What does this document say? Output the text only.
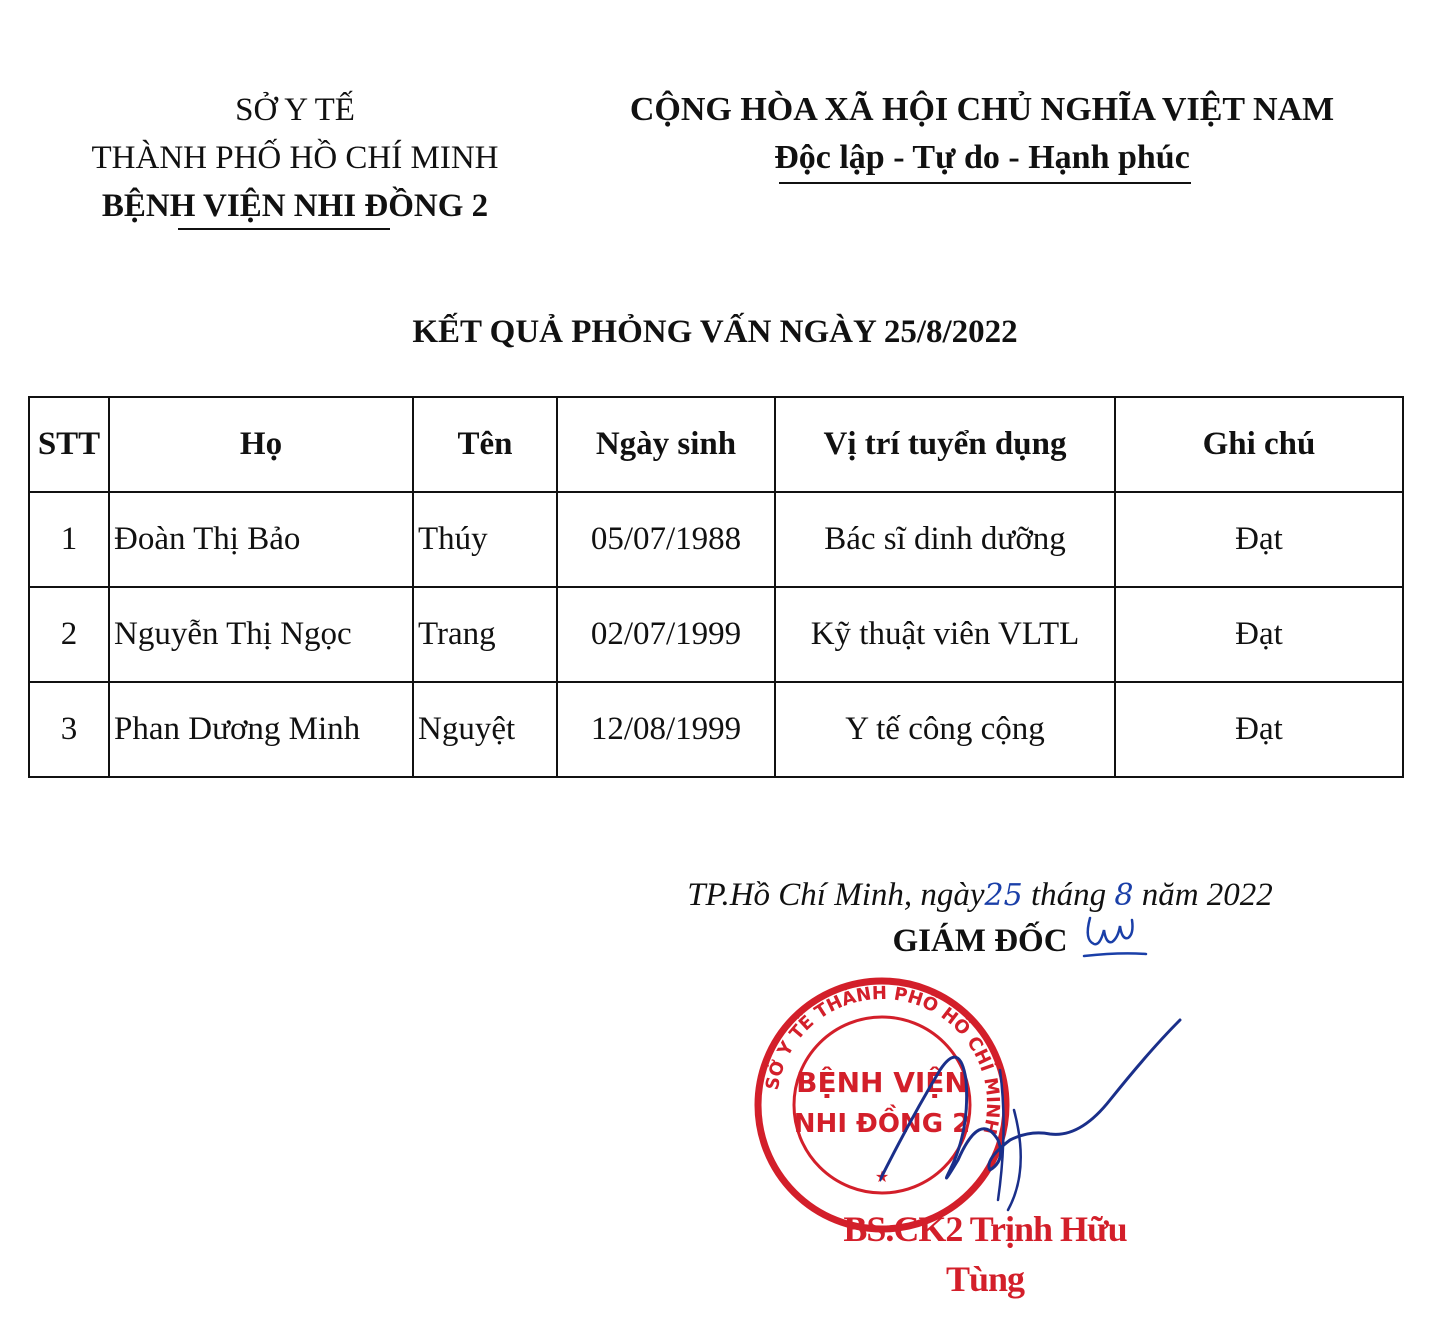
SỞ Y TẾ
THÀNH PHỐ HỒ CHÍ MINH
BỆNH VIỆN NHI ĐỒNG 2
CỘNG HÒA XÃ HỘI CHỦ NGHĨA VIỆT NAM
Độc lập - Tự do - Hạnh phúc
KẾT QUẢ PHỎNG VẤN NGÀY 25/8/2022
STT	Họ	Tên	Ngày sinh	Vị trí tuyển dụng	Ghi chú
1	Đoàn Thị Bảo	Thúy	05/07/1988	Bác sĩ dinh dưỡng	Đạt
2	Nguyễn Thị Ngọc	Trang	02/07/1999	Kỹ thuật viên VLTL	Đạt
3	Phan Dương Minh	Nguyệt	12/08/1999	Y tế công cộng	Đạt
TP.Hồ Chí Minh, ngày25 tháng 8 năm 2022
GIÁM ĐỐC
SỞ Y TẾ THÀNH PHỐ HỒ CHÍ MINH
BỆNH VIỆN
NHI ĐỒNG 2
★
BS.CK2 Trịnh Hữu Tùng
